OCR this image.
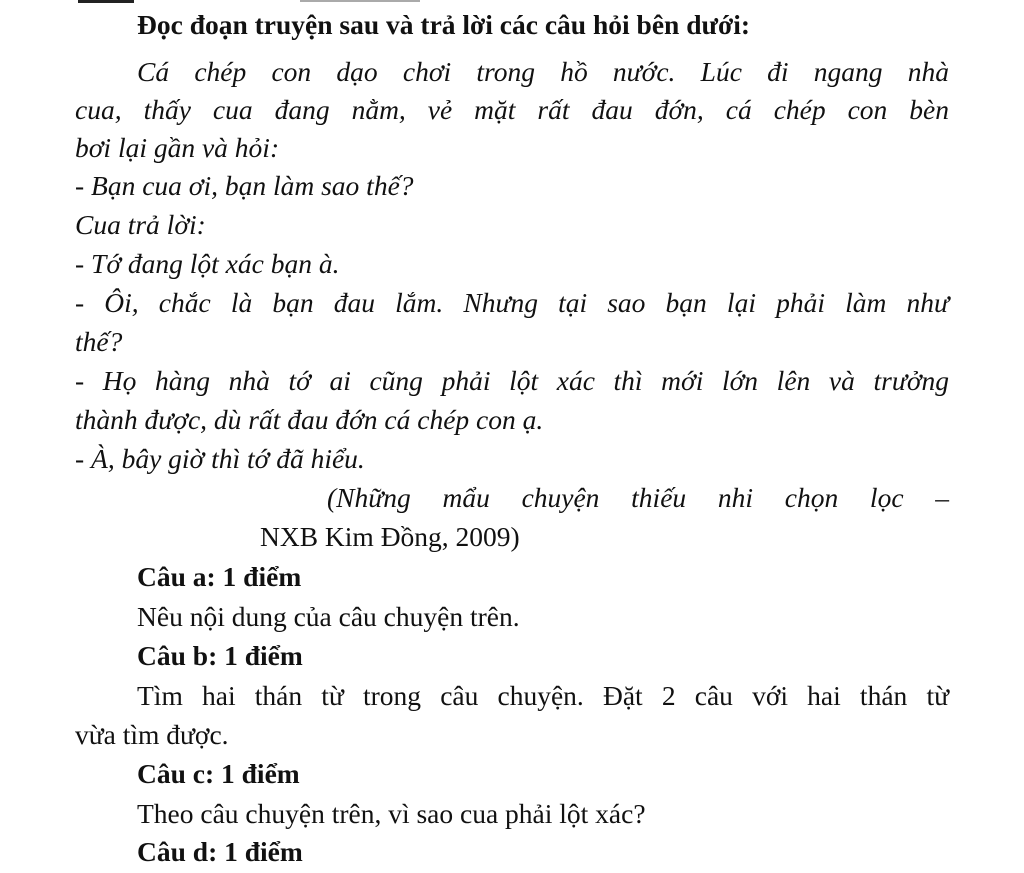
Đọc đoạn truyện sau và trả lời các câu hỏi bên dưới:
Cá chép con dạo chơi trong hồ nước. Lúc đi ngang nhà
cua, thấy cua đang nằm, vẻ mặt rất đau đớn, cá chép con bèn
bơi lại gần và hỏi:
- Bạn cua ơi, bạn làm sao thế?
Cua trả lời:
- Tớ đang lột xác bạn à.
- Ôi, chắc là bạn đau lắm. Nhưng tại sao bạn lại phải làm như
thế?
- Họ hàng nhà tớ ai cũng phải lột xác thì mới lớn lên và trưởng
thành được, dù rất đau đớn cá chép con ạ.
- À, bây giờ thì tớ đã hiểu.
(Những mẩu chuyện thiếu nhi chọn lọc –
NXB Kim Đồng, 2009)
Câu a: 1 điểm
Nêu nội dung của câu chuyện trên.
Câu b: 1 điểm
Tìm hai thán từ trong câu chuyện. Đặt 2 câu với hai thán từ
vừa tìm được.
Câu c: 1 điểm
Theo câu chuyện trên, vì sao cua phải lột xác?
Câu d: 1 điểm
